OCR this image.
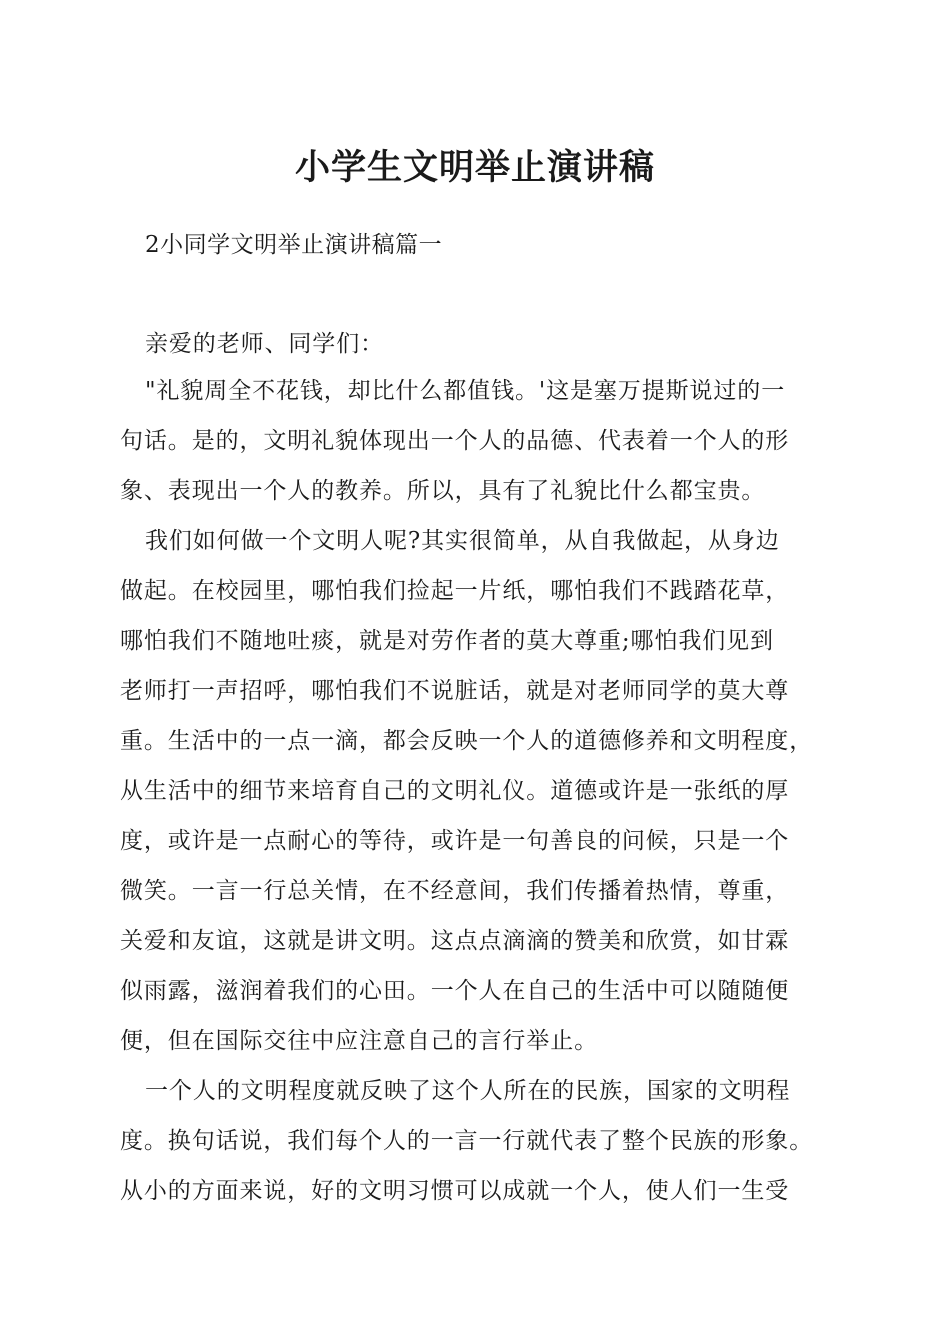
小学生文明举止演讲稿

2小同学文明举止演讲稿篇一

亲爱的老师、同学们：

"礼貌周全不花钱，却比什么都值钱。'这是塞万提斯说过的一

句话。是的，文明礼貌体现出一个人的品德、代表着一个人的形

象、表现出一个人的教养。所以，具有了礼貌比什么都宝贵。

我们如何做一个文明人呢?其实很简单，从自我做起，从身边

做起。在校园里，哪怕我们捡起一片纸，哪怕我们不践踏花草，

哪怕我们不随地吐痰，就是对劳作者的莫大尊重;哪怕我们见到

老师打一声招呼，哪怕我们不说脏话，就是对老师同学的莫大尊

重。生活中的一点一滴，都会反映一个人的道德修养和文明程度，

从生活中的细节来培育自己的文明礼仪。道德或许是一张纸的厚

度，或许是一点耐心的等待，或许是一句善良的问候，只是一个

微笑。一言一行总关情，在不经意间，我们传播着热情，尊重，

关爱和友谊，这就是讲文明。这点点滴滴的赞美和欣赏，如甘霖

似雨露，滋润着我们的心田。一个人在自己的生活中可以随随便

便，但在国际交往中应注意自己的言行举止。

一个人的文明程度就反映了这个人所在的民族，国家的文明程

度。换句话说，我们每个人的一言一行就代表了整个民族的形象。

从小的方面来说，好的文明习惯可以成就一个人，使人们一生受
